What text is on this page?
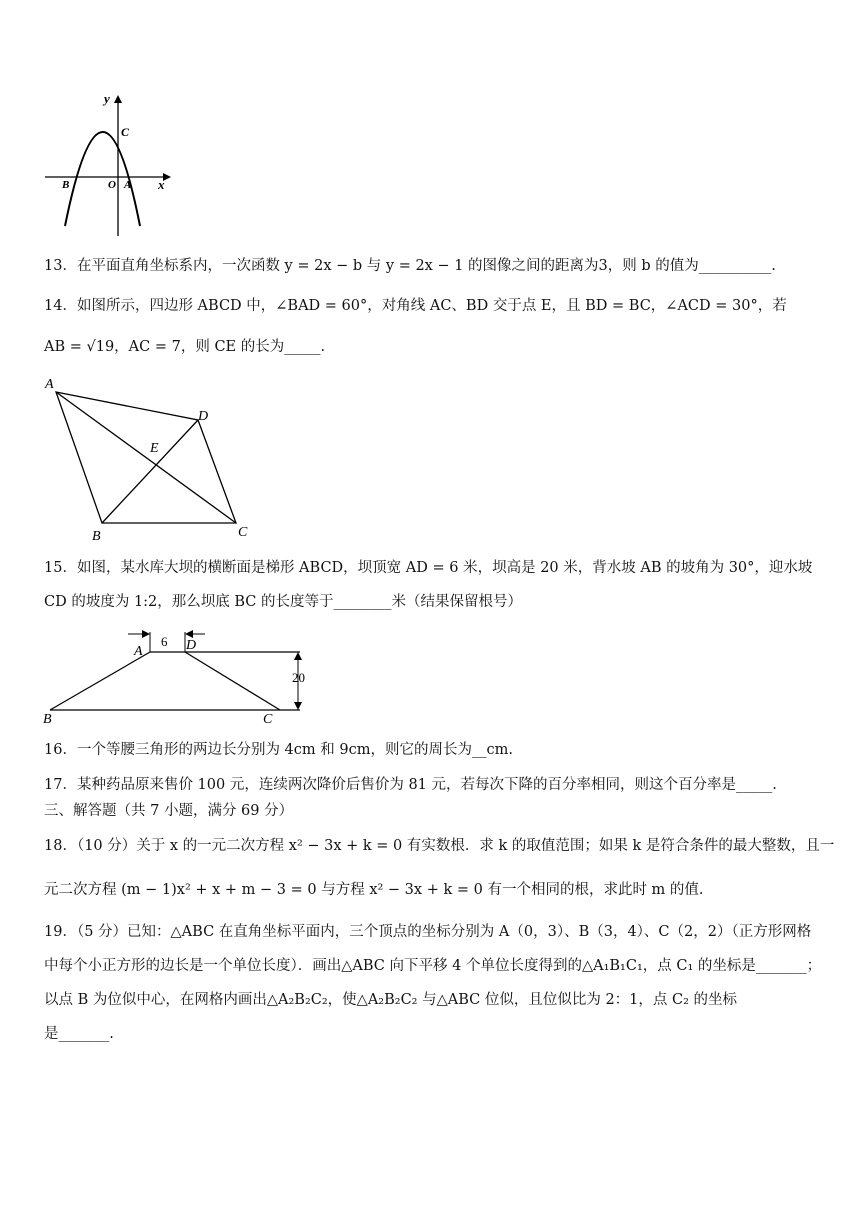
y
C
B	O A x
13．在平面直角坐标系内，一次函数 y = 2x − b 与 y = 2x − 1 的图像之间的距离为3，则 b 的值为__________.
14．如图所示，四边形 ABCD 中，∠BAD = 60°，对角线 AC、BD 交于点 E，且 BD = BC，∠ACD = 30°，若
AB = √19，AC = 7，则 CE 的长为_____.
A
D
E
B	C
15．如图，某水库大坝的横断面是梯形 ABCD，坝顶宽 AD = 6 米，坝高是 20 米，背水坡 AB 的坡角为 30°，迎水坡
CD 的坡度为 1:2，那么坝底 BC 的长度等于________米（结果保留根号）
6
20
A	D
B	C
16．一个等腰三角形的两边长分别为 4cm 和 9cm，则它的周长为__cm.
17．某种药品原来售价 100 元，连续两次降价后售价为 81 元，若每次下降的百分率相同，则这个百分率是_____.
三、解答题（共 7 小题，满分 69 分）
18．（10 分）关于 x 的一元二次方程 x² − 3x + k = 0 有实数根．求 k 的取值范围；如果 k 是符合条件的最大整数，且一
元二次方程 (m − 1)x² + x + m − 3 = 0 与方程 x² − 3x + k = 0 有一个相同的根，求此时 m 的值.
19．（5 分）已知：△ABC 在直角坐标平面内，三个顶点的坐标分别为 A（0，3）、B（3，4）、C（2，2）（正方形网格
中每个小正方形的边长是一个单位长度）．画出△ABC 向下平移 4 个单位长度得到的△A₁B₁C₁，点 C₁ 的坐标是_______；
以点 B 为位似中心，在网格内画出△A₂B₂C₂，使△A₂B₂C₂ 与△ABC 位似，且位似比为 2：1，点 C₂ 的坐标
是_______.
